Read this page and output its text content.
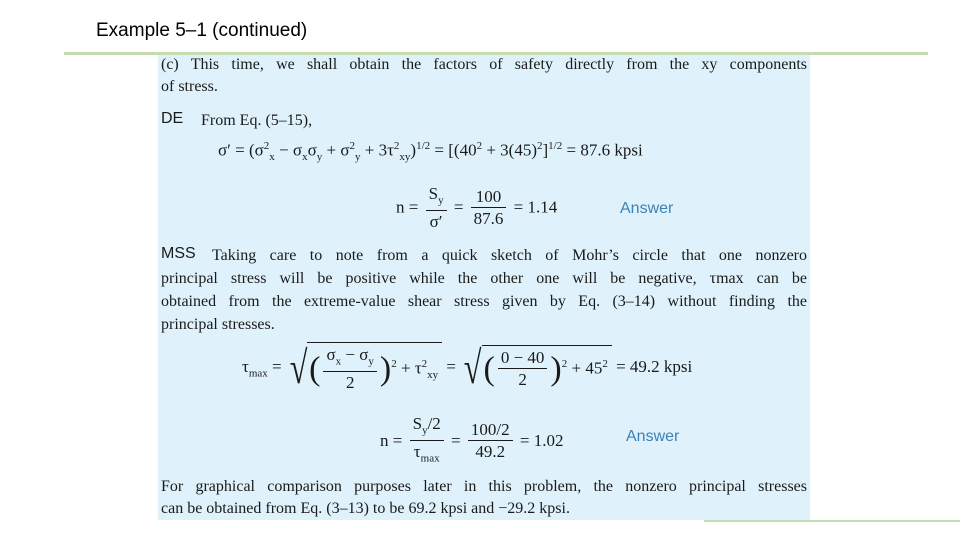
Example 5–1 (continued)
(c) This time, we shall obtain the factors of safety directly from the xy components
of stress.
DE From Eq. (5–15),
$\sigma' = (\sigma^2_x - \sigma_x\sigma_y + \sigma^2_y + 3\tau^2_{xy})^{1/2} = [(40^2 + 3(45)^2]^{1/2} = 87.6$ kpsi
$n = \frac{S_y}{\sigma'} = \frac{100}{87.6} = 1.14$	Answer
MSS Taking care to note from a quick sketch of Mohr’s circle that one nonzero
principal stress will be positive while the other one will be negative, τmax can be
obtained from the extreme-value shear stress given by Eq. (3–14) without finding the
principal stresses.
$\tau_{max}$ = √( $\frac{\sigma_x - \sigma_y}{2} )^2 + \tau^2_{xy}$ = √( $\frac{0 - 40}{2} )^2 + 45^2 = 49.2$ kpsi
$n = \frac{S_y/2}{\tau_{max}} = \frac{100/2}{49.2} = 1.02$	Answer
For graphical comparison purposes later in this problem, the nonzero principal stresses
can be obtained from Eq. (3–13) to be 69.2 kpsi and −29.2 kpsi.
